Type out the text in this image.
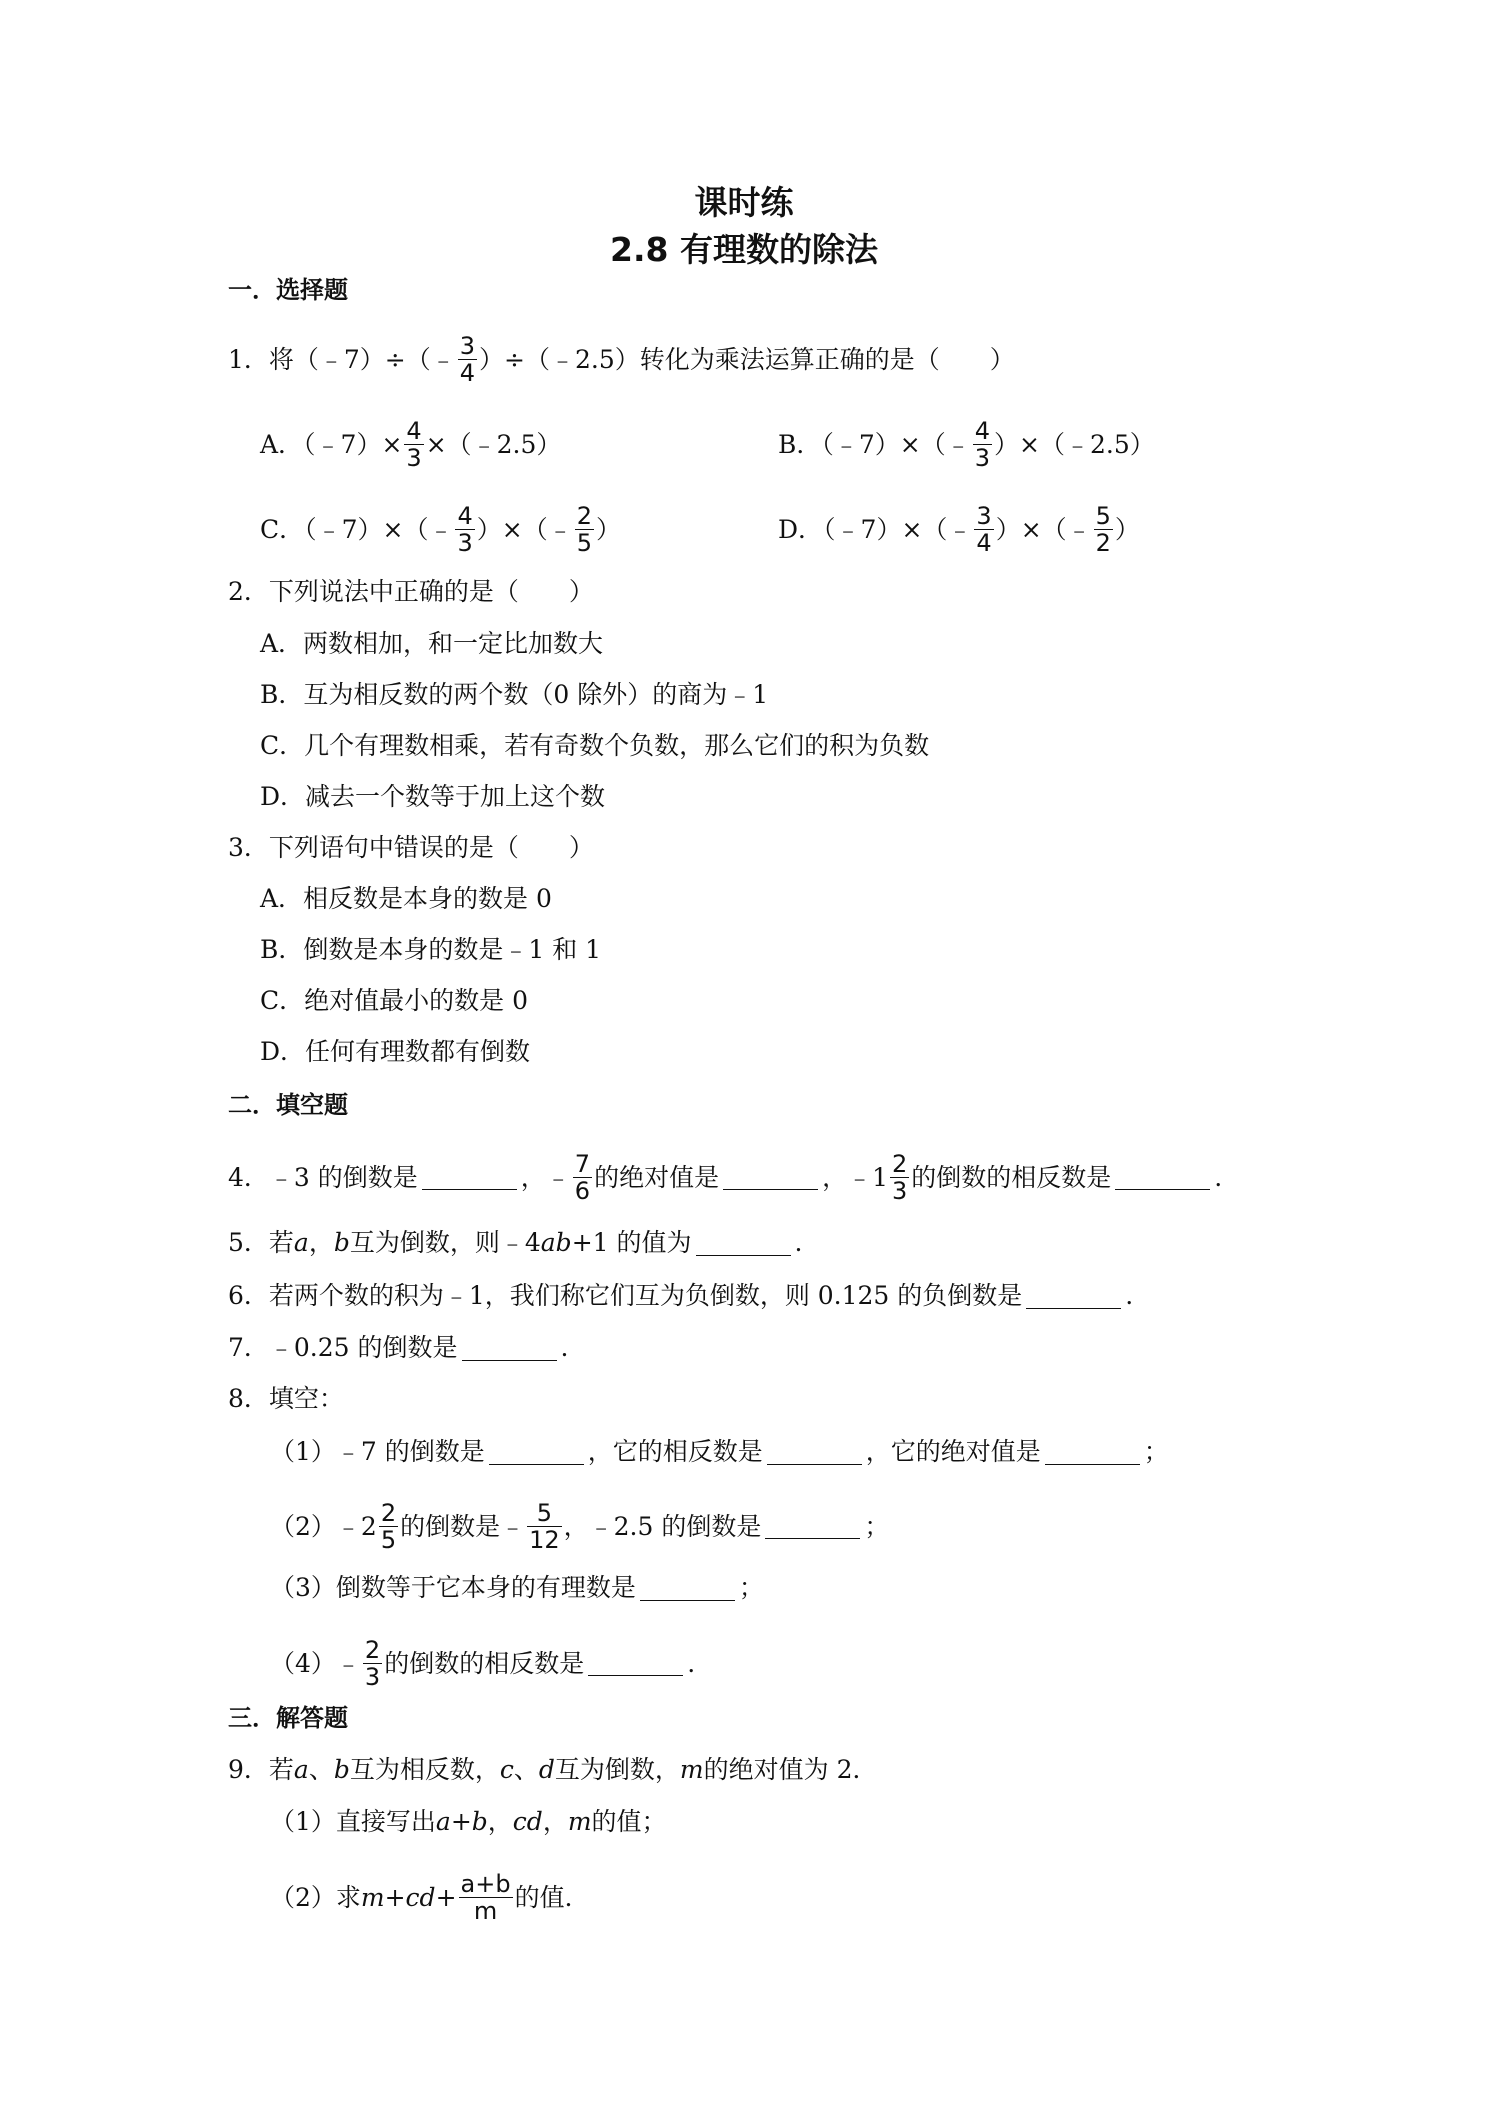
课时练
2.8 有理数的除法
一．选择题
1．将（﹣7）÷（﹣ $\frac{3}{4}$ ）÷（﹣2.5）转化为乘法运算正确的是（　　）
A．（﹣7）× $\frac{4}{3}$ ×（﹣2.5）	B．（﹣7）×（﹣ $\frac{4}{3}$ ）×（﹣2.5）
C．（﹣7）×（﹣ $\frac{4}{3}$ ）×（﹣ $\frac{2}{5}$ ）	D．（﹣7）×（﹣ $\frac{3}{4}$ ）×（﹣ $\frac{5}{2}$ ）
2．下列说法中正确的是（　　）
A．两数相加，和一定比加数大
B．互为相反数的两个数（0 除外）的商为﹣1
C．几个有理数相乘，若有奇数个负数，那么它们的积为负数
D．减去一个数等于加上这个数
3．下列语句中错误的是（　　）
A．相反数是本身的数是 0
B．倒数是本身的数是﹣1 和 1
C．绝对值最小的数是 0
D．任何有理数都有倒数
二．填空题
4．﹣3 的倒数是	，﹣ $\frac{7}{6}$ 的绝对值是	，﹣1 $\frac{2}{3}$ 的倒数的相反数是	.
5．若 a ， b 互为倒数，则﹣4 ab +1 的值为	.
6．若两个数的积为﹣1，我们称它们互为负倒数，则 0.125 的负倒数是	.
7．﹣0.25 的倒数是	.
8．填空：
（1）﹣7 的倒数是	，它的相反数是	，它的绝对值是	；
（2）﹣2 $\frac{2}{5}$ 的倒数是﹣ $\frac{5}{12}$ ，﹣2.5 的倒数是	；
（3）倒数等于它本身的有理数是	；
（4）﹣ $\frac{2}{3}$ 的倒数的相反数是	.
三．解答题
9．若 a 、 b 互为相反数， c 、 d 互为倒数， m 的绝对值为 2．
（1）直接写出 a+b ， cd ， m 的值；
（2）求 $m+cd+ \frac{a+b}{m}$ 的值．
